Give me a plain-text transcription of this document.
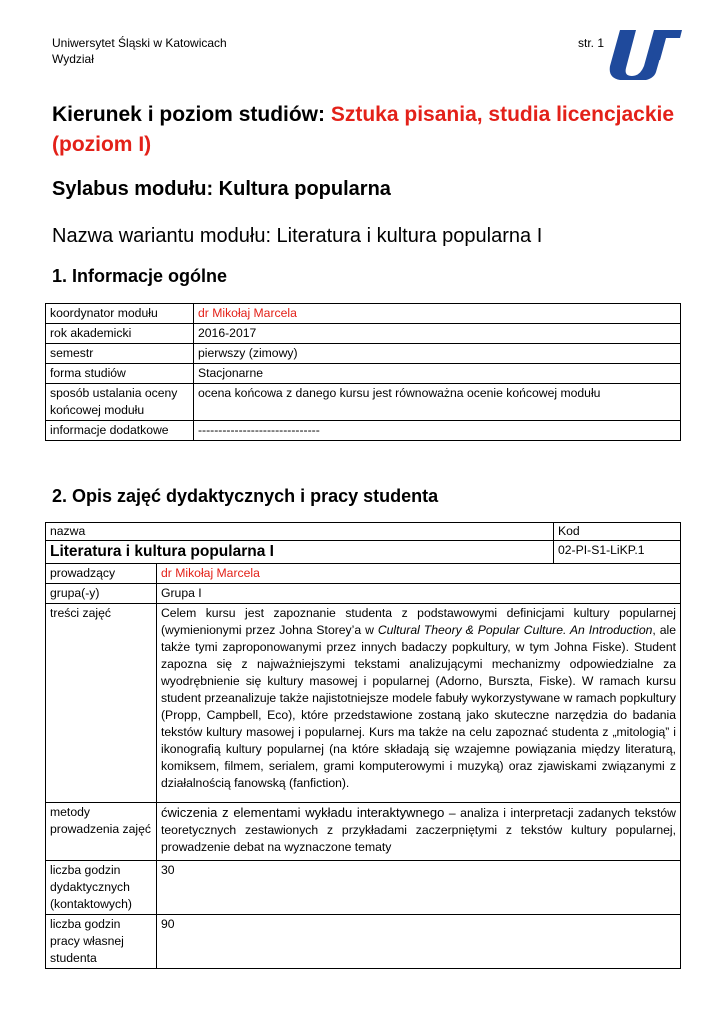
Uniwersytet Śląski w Katowicach
Wydział
str. 1
Kierunek i poziom studiów: Sztuka pisania, studia licencjackie (poziom I)
Sylabus modułu: Kultura popularna
Nazwa wariantu modułu: Literatura i kultura popularna I
1. Informacje ogólne
koordynator modułu	dr Mikołaj Marcela
rok akademicki	2016-2017
semestr	pierwszy (zimowy)
forma studiów	Stacjonarne
sposób ustalania oceny końcowej modułu	ocena końcowa z danego kursu jest równoważna ocenie końcowej modułu
informacje dodatkowe	------------------------------
2. Opis zajęć dydaktycznych i pracy studenta
nazwa		Kod
Literatura i kultura popularna I		02-PI-S1-LiKP.1
prowadzący	dr Mikołaj Marcela	
grupa(-y)	Grupa I	
treści zajęć	Celem kursu jest zapoznanie studenta z podstawowymi definicjami kultury popularnej (wymienionymi przez Johna Storey’a w Cultural Theory & Popular Culture. An Introduction, ale także tymi zaproponowanymi przez innych badaczy popkultury, w tym Johna Fiske). Student zapozna się z najważniejszymi tekstami analizującymi mechanizmy odpowiedzialne za wyodrębnienie się kultury masowej i popularnej (Adorno, Burszta, Fiske). W ramach kursu student przeanalizuje także najistotniejsze modele fabuły wykorzystywane w ramach popkultury (Propp, Campbell, Eco), które przedstawione zostaną jako skuteczne narzędzia do badania tekstów kultury masowej i popularnej. Kurs ma także na celu zapoznać studenta z „mitologią” i ikonografią kultury popularnej (na które składają się wzajemne powiązania między literaturą, komiksem, filmem, serialem, grami komputerowymi i muzyką) oraz zjawiskami związanymi z działalnością fanowską (fanfiction).	
metody prowadzenia zajęć	ćwiczenia z elementami wykładu interaktywnego – analiza i interpretacji zadanych tekstów teoretycznych zestawionych z przykładami zaczerpniętymi z tekstów kultury popularnej, prowadzenie debat na wyznaczone tematy	
liczba godzin dydaktycznych (kontaktowych)	30	
liczba godzin pracy własnej studenta	90	
